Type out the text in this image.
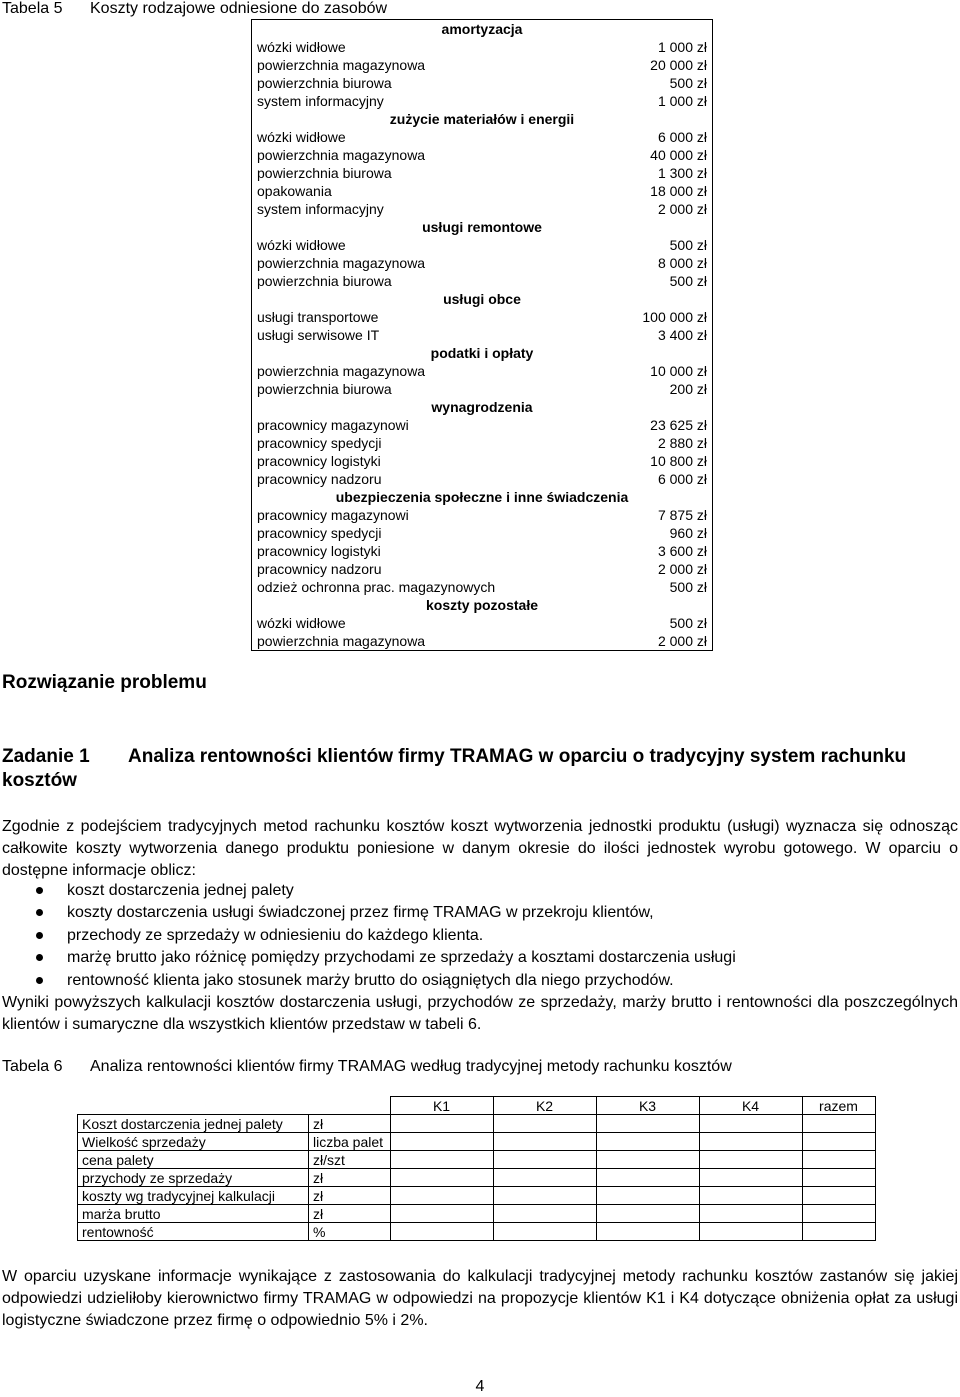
Tabela 5 Koszty rodzajowe odniesione do zasobów
amortyzacja	
wózki widłowe	1 000 zł
powierzchnia magazynowa	20 000 zł
powierzchnia biurowa	500 zł
system informacyjny	1 000 zł
zużycie materiałów i energii	
wózki widłowe	6 000 zł
powierzchnia magazynowa	40 000 zł
powierzchnia biurowa	1 300 zł
opakowania	18 000 zł
system informacyjny	2 000 zł
usługi remontowe	
wózki widłowe	500 zł
powierzchnia magazynowa	8 000 zł
powierzchnia biurowa	500 zł
usługi obce	
usługi transportowe	100 000 zł
usługi serwisowe IT	3 400 zł
podatki i opłaty	
powierzchnia magazynowa	10 000 zł
powierzchnia biurowa	200 zł
wynagrodzenia	
pracownicy magazynowi	23 625 zł
pracownicy spedycji	2 880 zł
pracownicy logistyki	10 800 zł
pracownicy nadzoru	6 000 zł
ubezpieczenia społeczne i inne świadczenia	
pracownicy magazynowi	7 875 zł
pracownicy spedycji	960 zł
pracownicy logistyki	3 600 zł
pracownicy nadzoru	2 000 zł
odzież ochronna prac. magazynowych	500 zł
koszty pozostałe	
wózki widłowe	500 zł
powierzchnia magazynowa	2 000 zł
Rozwiązanie problemu
Zadanie 1 Analiza rentowności klientów firmy TRAMAG w oparciu o tradycyjny system rachunku kosztów
Zgodnie z podejściem tradycyjnych metod rachunku kosztów koszt wytworzenia jednostki produktu (usługi) wyznacza się odnosząc całkowite koszty wytworzenia danego produktu poniesione w danym okresie do ilości jednostek wyrobu gotowego. W oparciu o dostępne informacje oblicz:
koszt dostarczenia jednej palety
koszty dostarczenia usługi świadczonej przez firmę TRAMAG w przekroju klientów,
przechody ze sprzedaży w odniesieniu do każdego klienta.
marżę brutto jako różnicę pomiędzy przychodami ze sprzedaży a kosztami dostarczenia usługi
rentowność klienta jako stosunek marży brutto do osiągniętych dla niego przychodów.
Wyniki powyższych kalkulacji kosztów dostarczenia usługi, przychodów ze sprzedaży, marży brutto i rentowności dla poszczególnych klientów i sumaryczne dla wszystkich klientów przedstaw w tabeli 6.
Tabela 6 Analiza rentowności klientów firmy TRAMAG według tradycyjnej metody rachunku kosztów
		K1	K2	K3	K4	razem
Koszt dostarczenia jednej palety	zł					
Wielkość sprzedaży	liczba palet					
cena palety	zł/szt					
przychody ze sprzedaży	zł					
koszty wg tradycyjnej kalkulacji	zł					
marża brutto	zł					
rentowność	%					
W oparciu uzyskane informacje wynikające z zastosowania do kalkulacji tradycyjnej metody rachunku kosztów zastanów się jakiej odpowiedzi udzieliłoby kierownictwo firmy TRAMAG w odpowiedzi na propozycje klientów K1 i K4 dotyczące obniżenia opłat za usługi logistyczne świadczone przez firmę o odpowiednio 5% i 2%.
4
